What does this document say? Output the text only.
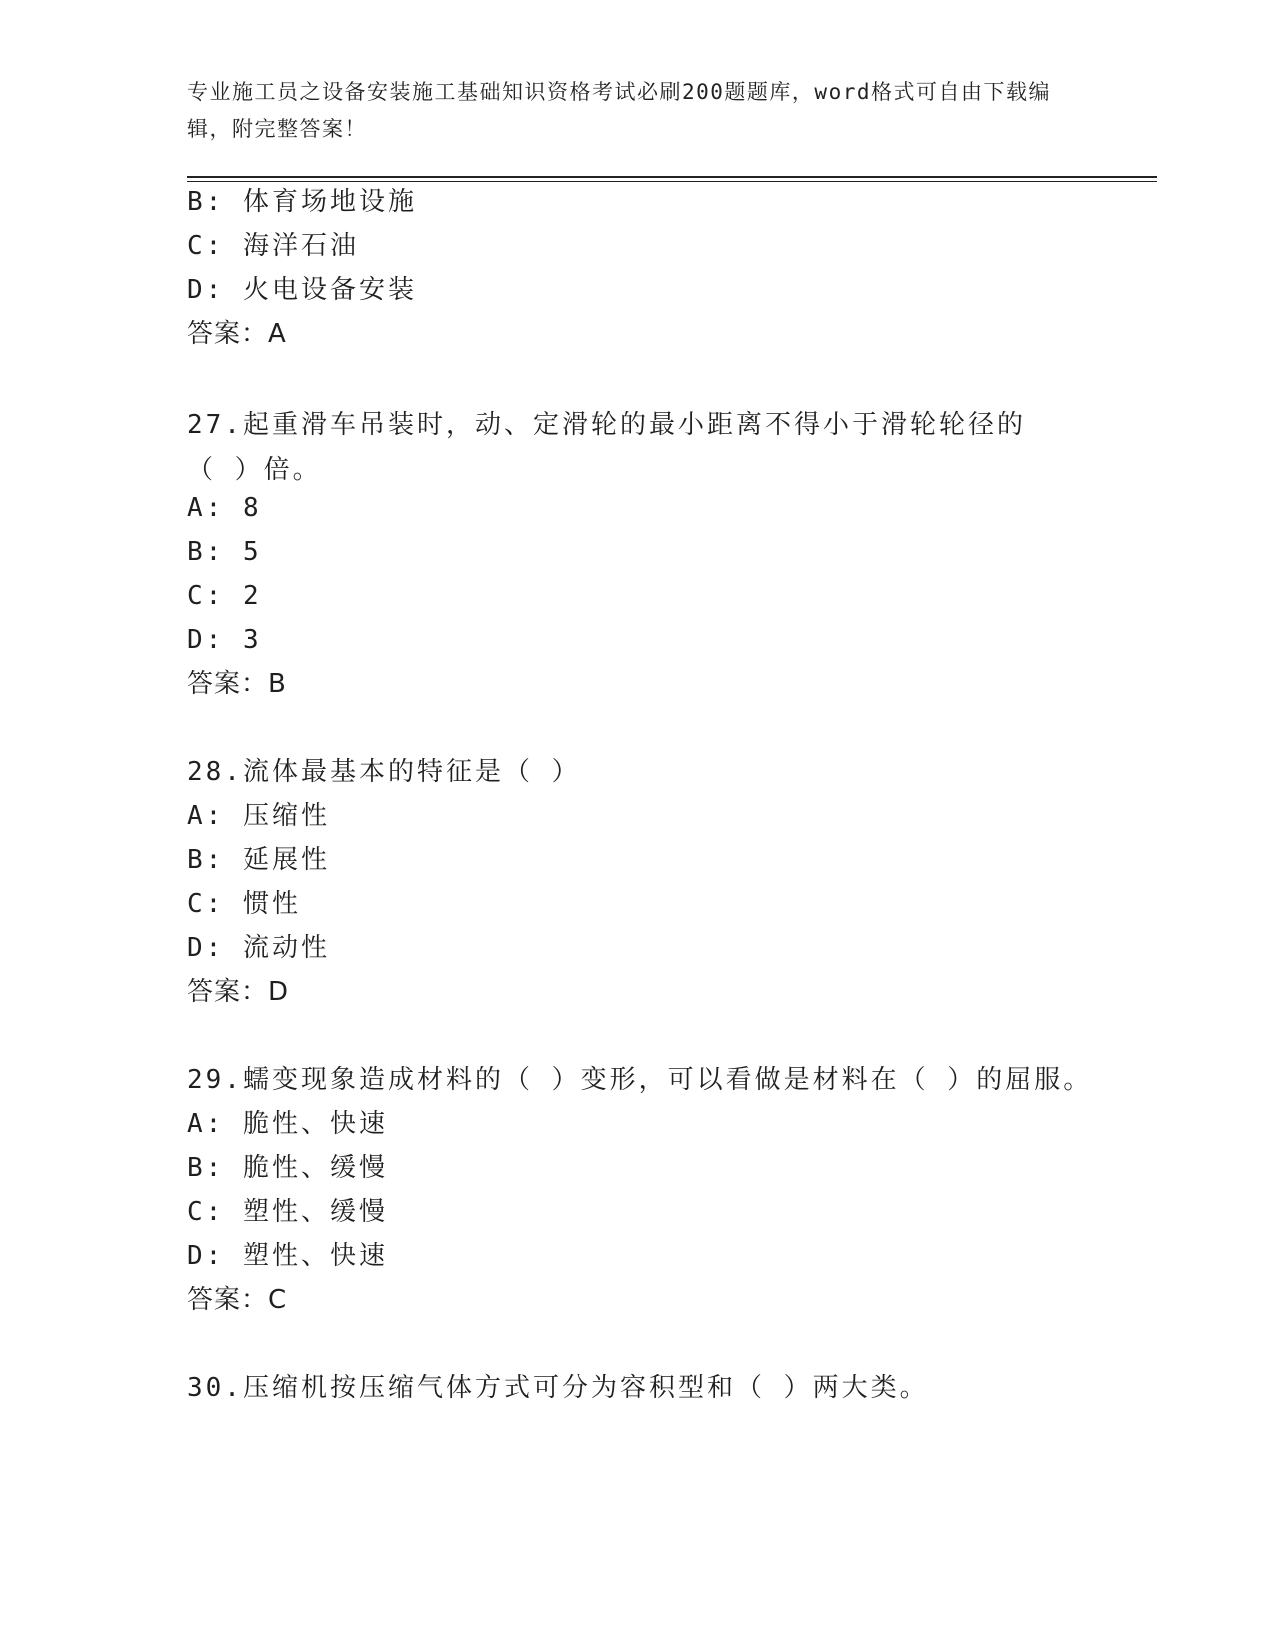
专业施工员之设备安装施工基础知识资格考试必刷200题题库，word格式可自由下载编辑，附完整答案！
B: 体育场地设施
C: 海洋石油
D: 火电设备安装
答案：A
27.起重滑车吊装时，动、定滑轮的最小距离不得小于滑轮轮径的（ ）倍。
A: 8
B: 5
C: 2
D: 3
答案：B
28.流体最基本的特征是（ ）
A: 压缩性
B: 延展性
C: 惯性
D: 流动性
答案：D
29.蠕变现象造成材料的（ ）变形，可以看做是材料在（ ）的屈服。
A: 脆性、快速
B: 脆性、缓慢
C: 塑性、缓慢
D: 塑性、快速
答案：C
30.压缩机按压缩气体方式可分为容积型和（ ）两大类。
